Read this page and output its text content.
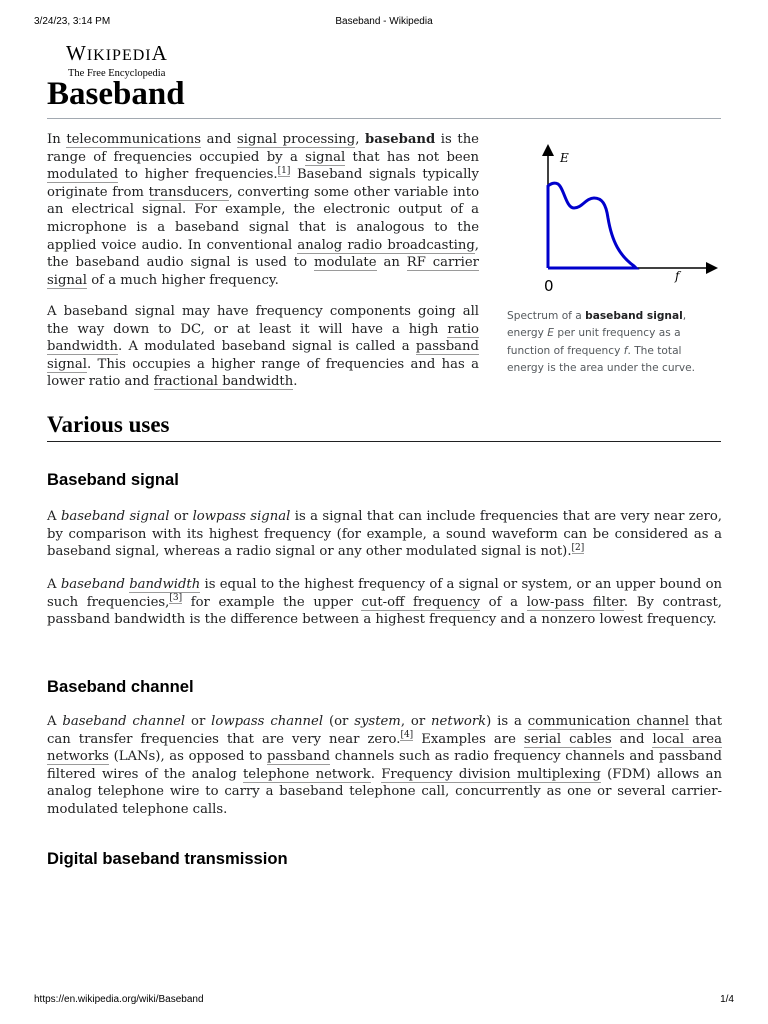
3/24/23, 3:14 PM	Baseband - Wikipedia
WIKIPEDIA
The Free Encyclopedia
Baseband

In telecommunications and signal processing, baseband is the range of frequencies occupied by a signal that has not been modulated to higher frequencies.[1] Baseband signals typically originate from transducers, converting some other variable into an electrical signal. For example, the electronic output of a microphone is a baseband signal that is analogous to the applied voice audio. In conventional analog radio broadcasting, the baseband audio signal is used to modulate an RF carrier signal of a much higher frequency.

A baseband signal may have frequency components going all the way down to DC, or at least it will have a high ratio bandwidth. A modulated baseband signal is called a passband signal. This occupies a higher range of frequencies and has a lower ratio and fractional bandwidth.

E
f
0
Spectrum of a baseband signal, energy E per unit frequency as a function of frequency f. The total energy is the area under the curve.
Various uses
Baseband signal

A baseband signal or lowpass signal is a signal that can include frequencies that are very near zero, by comparison with its highest frequency (for example, a sound waveform can be considered as a baseband signal, whereas a radio signal or any other modulated signal is not).[2]

A baseband bandwidth is equal to the highest frequency of a signal or system, or an upper bound on such frequencies,[3] for example the upper cut-off frequency of a low-pass filter. By contrast, passband bandwidth is the difference between a highest frequency and a nonzero lowest frequency.

Baseband channel

A baseband channel or lowpass channel (or system, or network) is a communication channel that can transfer frequencies that are very near zero.[4] Examples are serial cables and local area networks (LANs), as opposed to passband channels such as radio frequency channels and passband filtered wires of the analog telephone network. Frequency division multiplexing (FDM) allows an analog telephone wire to carry a baseband telephone call, concurrently as one or several carrier-modulated telephone calls.

Digital baseband transmission
https://en.wikipedia.org/wiki/Baseband	1/4
